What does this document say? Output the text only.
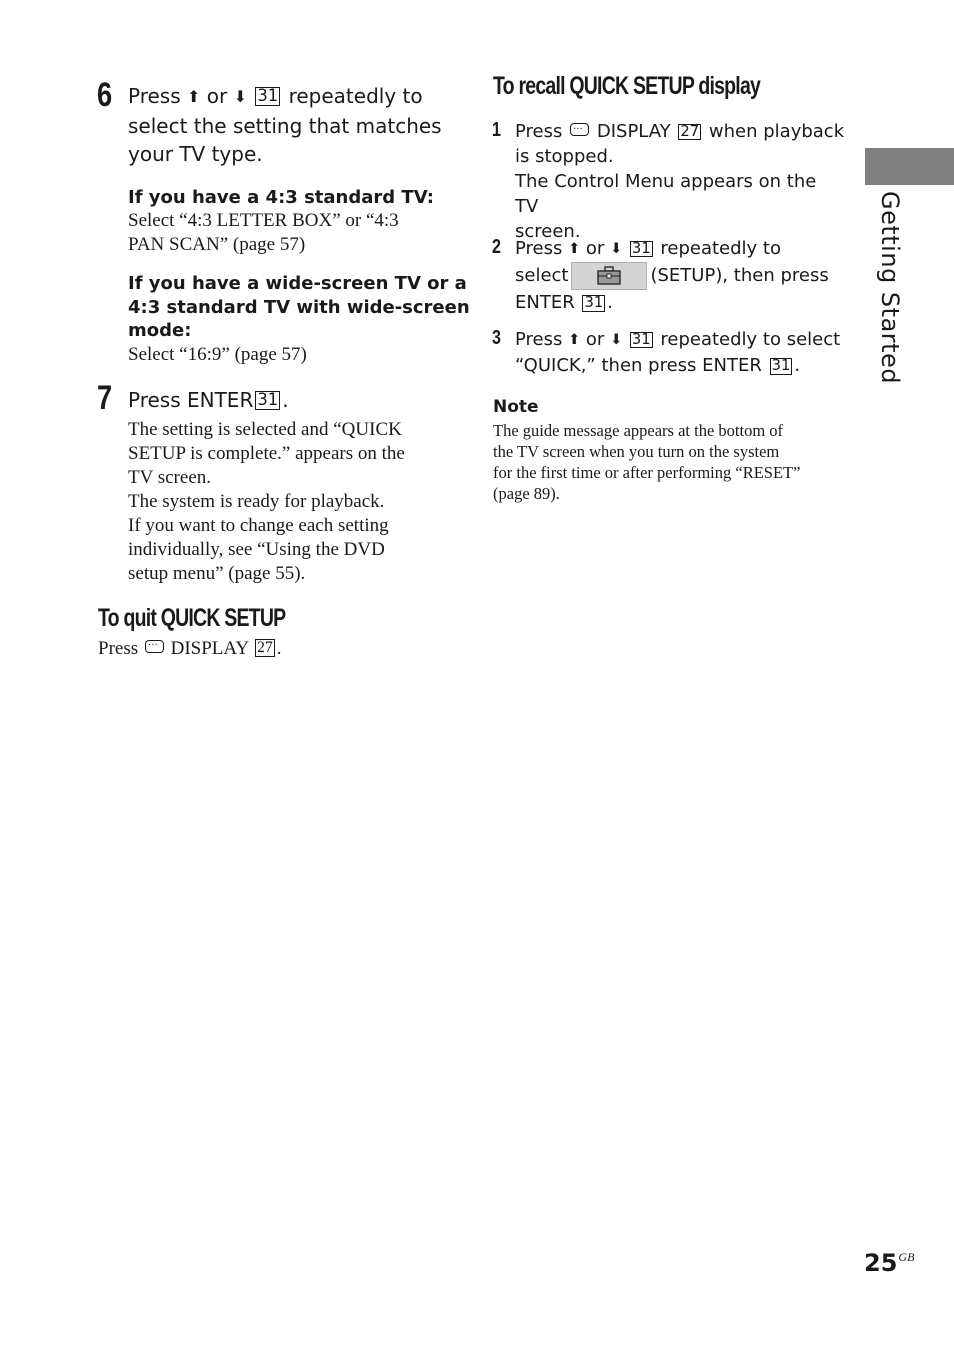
Getting Started
6 Press ⬆ or ⬇ 31 repeatedly to
select the setting that matches
your TV type.
If you have a 4:3 standard TV:
Select “4:3 LETTER BOX” or “4:3
PAN SCAN” (page 57)
If you have a wide-screen TV or a
4:3 standard TV with wide-screen
mode:
Select “16:9” (page 57)
7 Press ENTER 31 .
The setting is selected and “QUICK
SETUP is complete.” appears on the
TV screen.
The system is ready for playback.
If you want to change each setting
individually, see “Using the DVD
setup menu” (page 55).
To quit QUICK SETUP
Press ··· DISPLAY 27 .
To recall QUICK SETUP display
1 Press ··· DISPLAY 27 when playback
is stopped.
The Control Menu appears on the TV
screen.
2 Press ⬆ or ⬇ 31 repeatedly to
select	(SETUP), then press
ENTER 31 .
3 Press ⬆ or ⬇ 31 repeatedly to select
“QUICK,” then press ENTER 31 .
Note
The guide message appears at the bottom of
the TV screen when you turn on the system
for the first time or after performing “RESET”
(page 89).
$25^{GB}$
